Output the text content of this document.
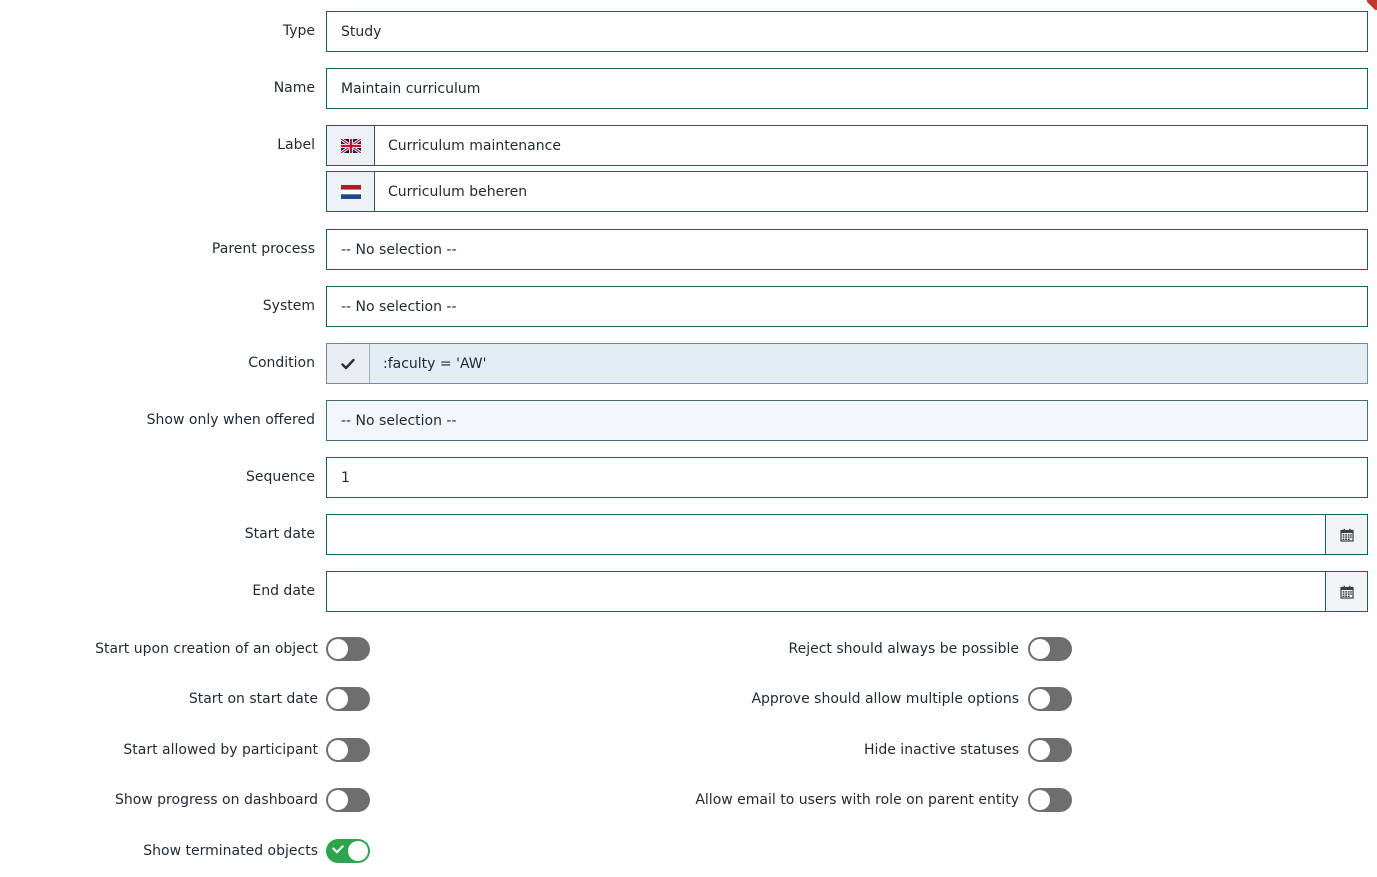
Type Study
Name Maintain curriculum
Label	Curriculum maintenance
Curriculum beheren
Parent process -- No selection --
System -- No selection --
Condition	:faculty = 'AW'
Show only when offered -- No selection --
Sequence 1
Start date
End date
Start upon creation of an object
Start on start date
Start allowed by participant
Show progress on dashboard
Show terminated objects
Reject should always be possible
Approve should allow multiple options
Hide inactive statuses
Allow email to users with role on parent entity
